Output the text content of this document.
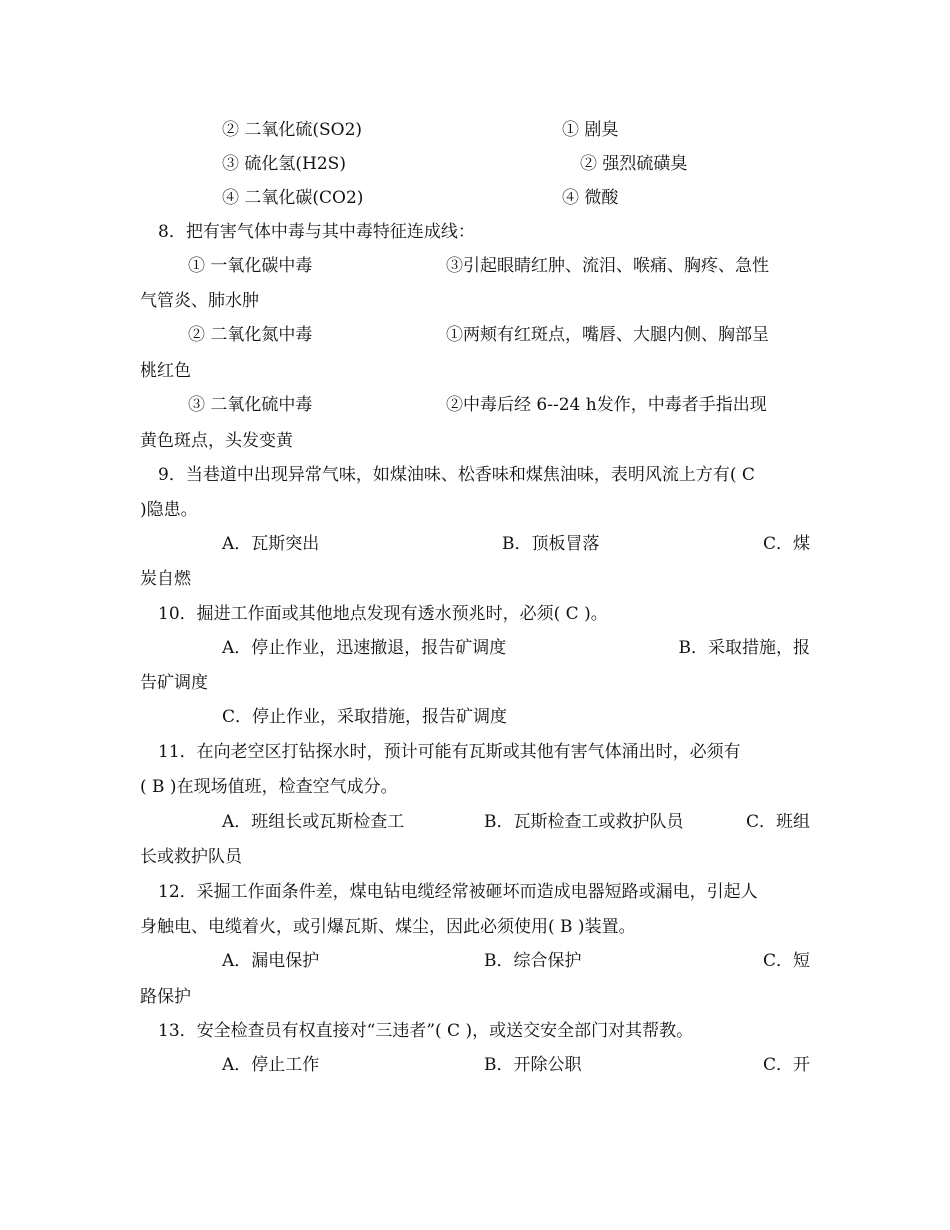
② 二氧化硫(SO2)	① 剧臭
③ 硫化氢(H2S)	② 强烈硫磺臭
④ 二氧化碳(CO2)	④ 微酸
8．把有害气体中毒与其中毒特征连成线：
① 一氧化碳中毒	③引起眼睛红肿、流泪、喉痛、胸疼、急性
气管炎、肺水肿
② 二氧化氮中毒	①两颊有红斑点，嘴唇、大腿内侧、胸部呈
桃红色
③ 二氧化硫中毒	②中毒后经 6--24 h发作，中毒者手指出现
黄色斑点，头发变黄
9．当巷道中出现异常气味，如煤油味、松香味和煤焦油味，表明风流上方有( C
)隐患。
A．瓦斯突出	B．顶板冒落	C．煤
炭自燃
10．掘进工作面或其他地点发现有透水预兆时，必须( C )。
A．停止作业，迅速撤退，报告矿调度	B．采取措施，报
告矿调度
C．停止作业，采取措施，报告矿调度
11．在向老空区打钻探水时，预计可能有瓦斯或其他有害气体涌出时，必须有
( B )在现场值班，检查空气成分。
A．班组长或瓦斯检查工	B．瓦斯检查工或救护队员	C．班组
长或救护队员
12．采掘工作面条件差，煤电钻电缆经常被砸坏而造成电器短路或漏电，引起人
身触电、电缆着火，或引爆瓦斯、煤尘，因此必须使用( B )装置。
A．漏电保护	B．综合保护	C．短
路保护
13．安全检查员有权直接对“三违者”( C )，或送交安全部门对其帮教。
A．停止工作	B．开除公职	C．开
